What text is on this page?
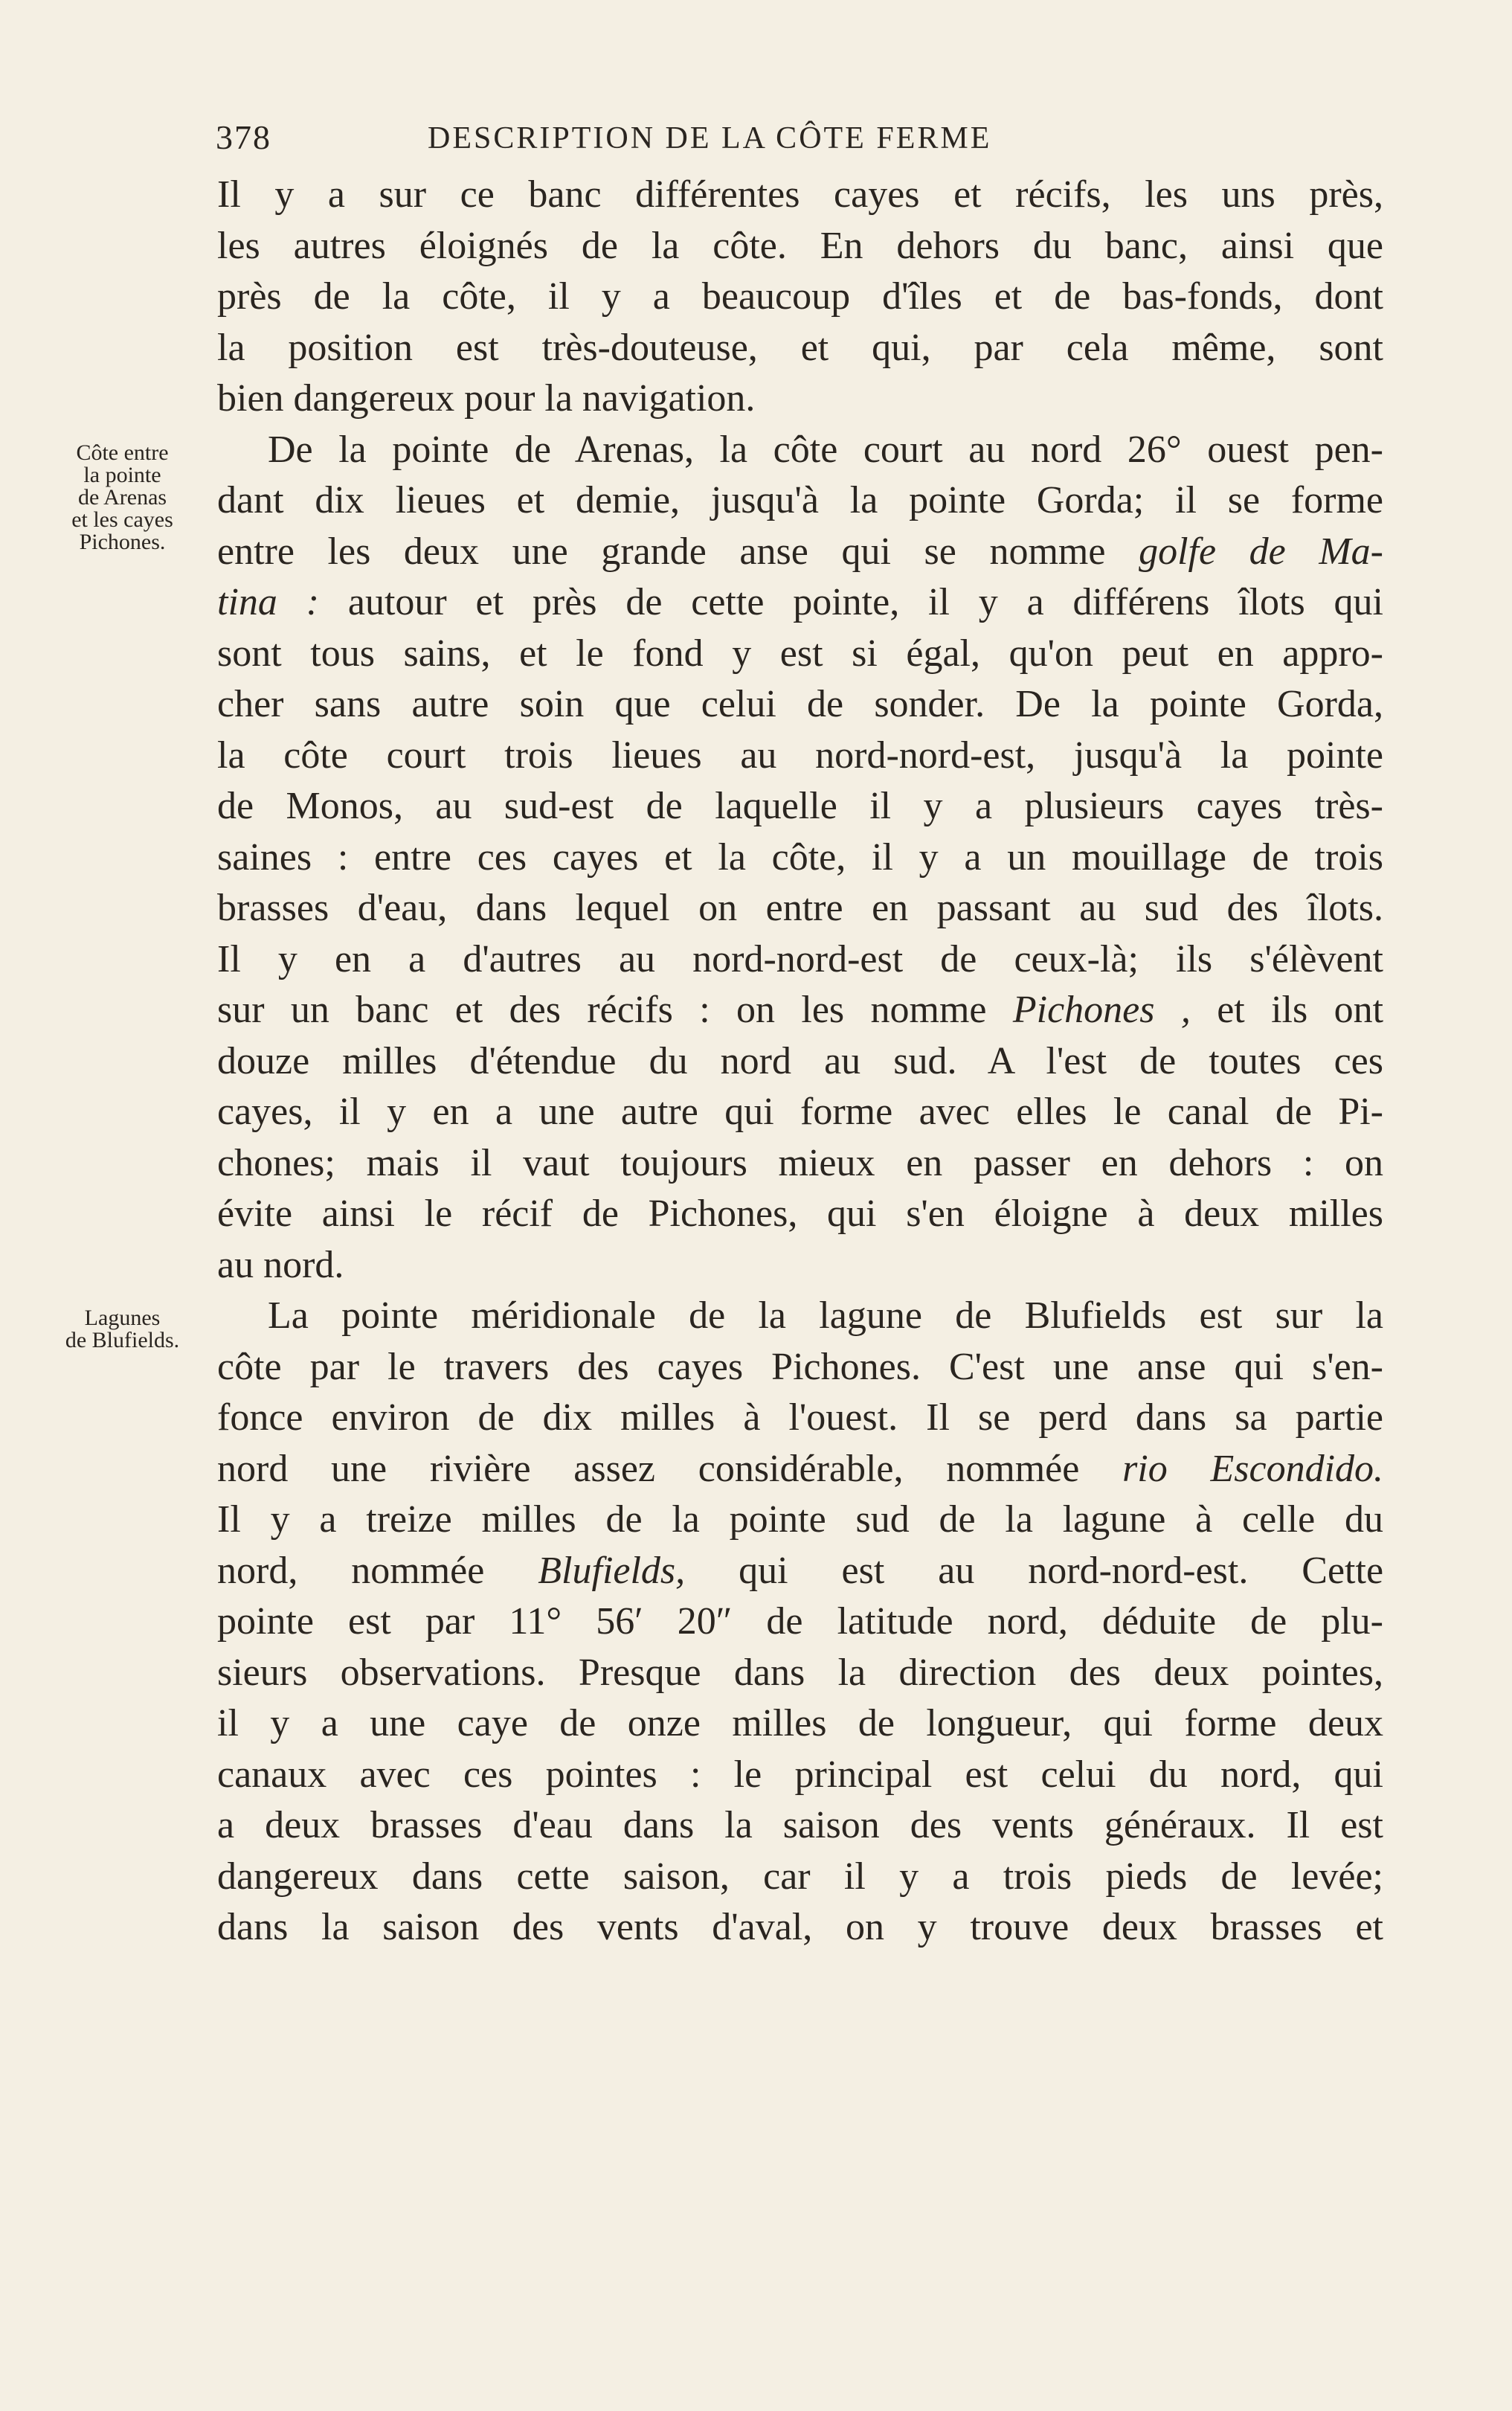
378	DESCRIPTION DE LA CÔTE FERME
Côte entre
la pointe
de Arenas
et les cayes
Pichones.
Lagunes
de Blufields.
Il y a sur ce banc différentes cayes et récifs, les uns près,
les autres éloignés de la côte. En dehors du banc, ainsi que
près de la côte, il y a beaucoup d'îles et de bas-fonds, dont
la position est très-douteuse, et qui, par cela même, sont
bien dangereux pour la navigation.
De la pointe de Arenas, la côte court au nord 26° ouest pen-
dant dix lieues et demie, jusqu'à la pointe Gorda; il se forme
entre les deux une grande anse qui se nomme golfe de Ma-
tina : autour et près de cette pointe, il y a différens îlots qui
sont tous sains, et le fond y est si égal, qu'on peut en appro-
cher sans autre soin que celui de sonder. De la pointe Gorda,
la côte court trois lieues au nord-nord-est, jusqu'à la pointe
de Monos, au sud-est de laquelle il y a plusieurs cayes très-
saines : entre ces cayes et la côte, il y a un mouillage de trois
brasses d'eau, dans lequel on entre en passant au sud des îlots.
Il y en a d'autres au nord-nord-est de ceux-là; ils s'élèvent
sur un banc et des récifs : on les nomme Pichones , et ils ont
douze milles d'étendue du nord au sud. A l'est de toutes ces
cayes, il y en a une autre qui forme avec elles le canal de Pi-
chones; mais il vaut toujours mieux en passer en dehors : on
évite ainsi le récif de Pichones, qui s'en éloigne à deux milles
au nord.
La pointe méridionale de la lagune de Blufields est sur la
côte par le travers des cayes Pichones. C'est une anse qui s'en-
fonce environ de dix milles à l'ouest. Il se perd dans sa partie
nord une rivière assez considérable, nommée rio Escondido.
Il y a treize milles de la pointe sud de la lagune à celle du
nord, nommée Blufields, qui est au nord-nord-est. Cette
pointe est par 11° 56′ 20″ de latitude nord, déduite de plu-
sieurs observations. Presque dans la direction des deux pointes,
il y a une caye de onze milles de longueur, qui forme deux
canaux avec ces pointes : le principal est celui du nord, qui
a deux brasses d'eau dans la saison des vents généraux. Il est
dangereux dans cette saison, car il y a trois pieds de levée;
dans la saison des vents d'aval, on y trouve deux brasses et
